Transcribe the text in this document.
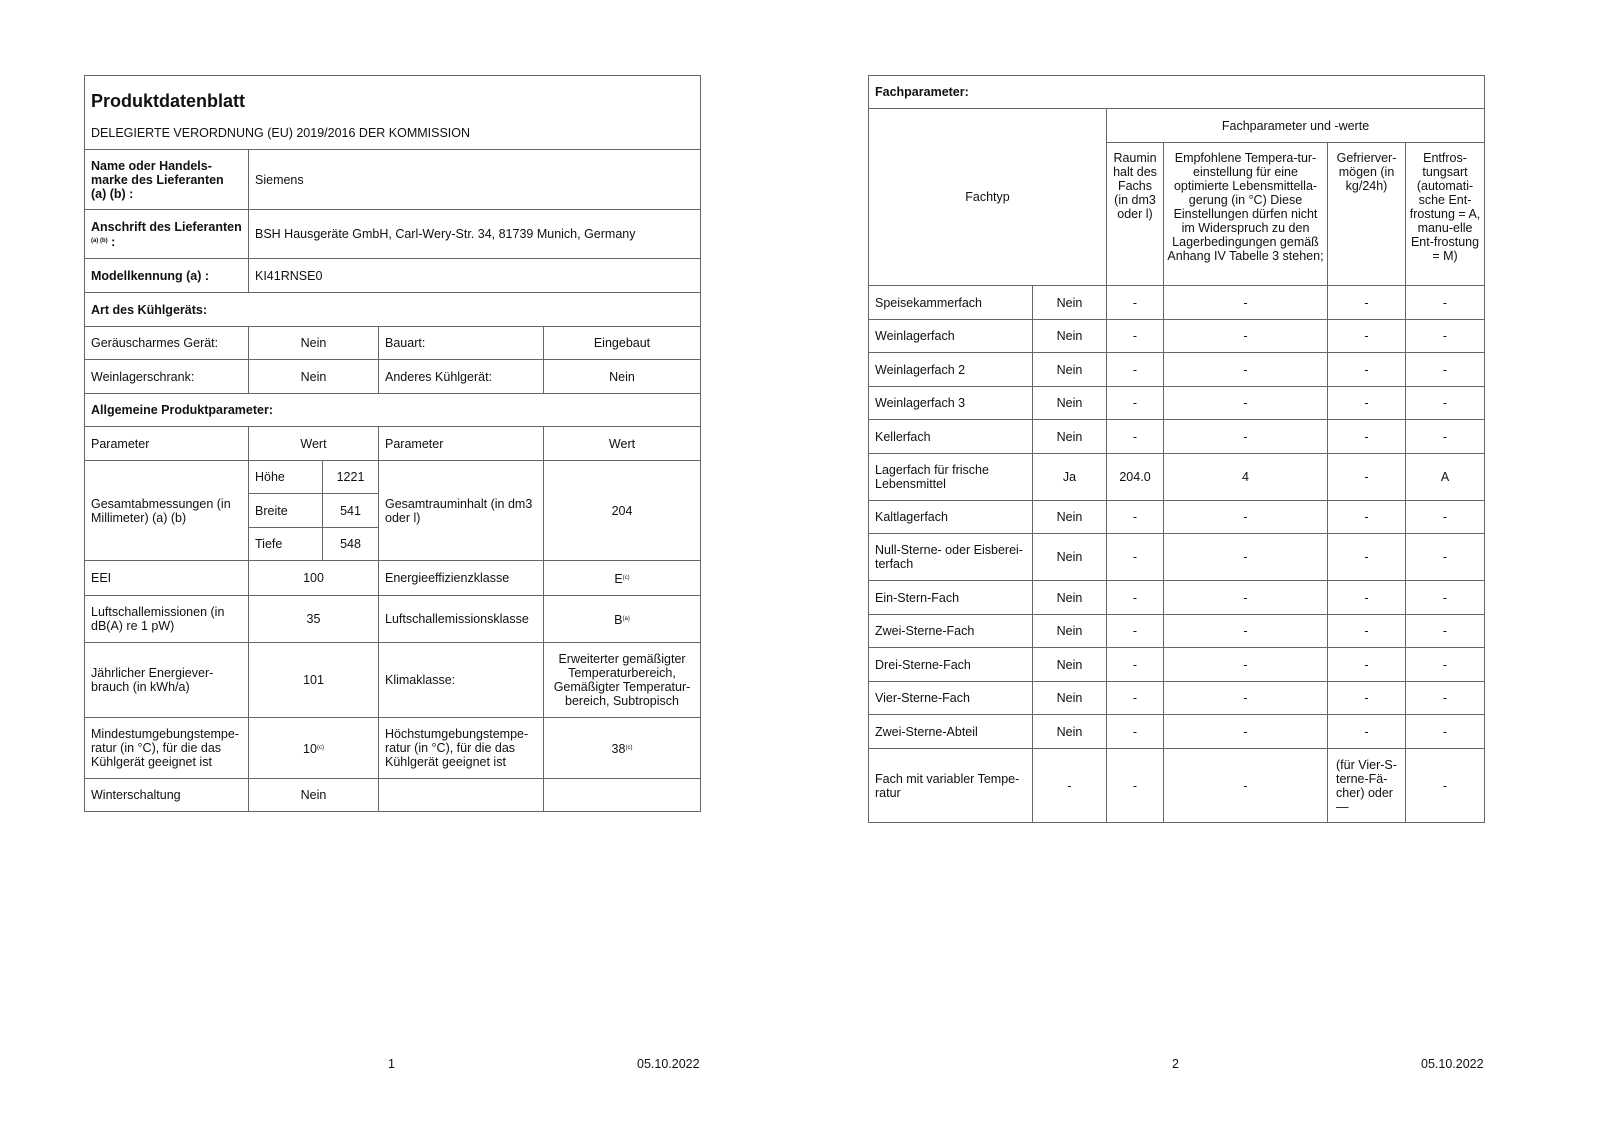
Produktdatenblatt
DELEGIERTE VERORDNUNG (EU) 2019/2016 DER KOMMISSION				
Name oder Handels-marke des Lieferanten (a) (b) :	Siemens			
Anschrift des Lieferanten
$^{(a) (b)}$ :	BSH Hausgeräte GmbH, Carl-Wery-Str. 34, 81739 Munich, Germany			
Modellkennung (a) :	KI41RNSE0			
Art des Kühlgeräts:				
Geräuscharmes Gerät:	Nein		Bauart:	Eingebaut
Weinlagerschrank:	Nein		Anderes Kühlgerät:	Nein
Allgemeine Produktparameter:				
Parameter	Wert		Parameter	Wert
Gesamtabmessungen (in Millimeter) (a) (b)	Höhe	1221	Gesamtrauminhalt (in dm3 oder l)	204
	Breite	541		
	Tiefe	548		
EEI	100		Energieeffizienzklasse	$E^{(c)}$
Luftschallemissionen (in dB(A) re 1 pW)	35		Luftschallemissionsklasse	$B^{(a)}$
Jährlicher Energiever-brauch (in kWh/a)	101		Klimaklasse:	Erweiterter gemäßigter Temperaturbereich, Gemäßigter Temperatur-bereich, Subtropisch
Mindestumgebungstempe-ratur (in °C), für die das Kühlgerät geeignet ist	10$^{(c)}$		Höchstumgebungstempe-ratur (in °C), für die das Kühlgerät geeignet ist	38$^{(c)}$
Winterschaltung	Nein			
1	05.10.2022
Fachparameter:					
Fachtyp		Fachparameter und -werte			
		Raumin halt des Fachs (in dm3 oder l)	Empfohlene Tempera-tur-einstellung für eine optimierte Lebensmittella-gerung (in °C) Diese Einstellungen dürfen nicht im Widerspruch zu den Lagerbedingungen gemäß Anhang IV Tabelle 3 stehen;	Gefrierver-mögen (in kg/24h)	Entfros-tungsart (automati-sche Ent-frostung = A, manu-elle Ent-frostung = M)
Speisekammerfach	Nein	-	-	-	-
Weinlagerfach	Nein	-	-	-	-
Weinlagerfach 2	Nein	-	-	-	-
Weinlagerfach 3	Nein	-	-	-	-
Kellerfach	Nein	-	-	-	-
Lagerfach für frische Lebensmittel	Ja	204.0	4	-	A
Kaltlagerfach	Nein	-	-	-	-
Null-Sterne- oder Eisberei-terfach	Nein	-	-	-	-
Ein-Stern-Fach	Nein	-	-	-	-
Zwei-Sterne-Fach	Nein	-	-	-	-
Drei-Sterne-Fach	Nein	-	-	-	-
Vier-Sterne-Fach	Nein	-	-	-	-
Zwei-Sterne-Abteil	Nein	-	-	-	-
Fach mit variabler Tempe-ratur	-	-	-	(für Vier-S-terne-Fä-cher) oder —	-
2	05.10.2022
